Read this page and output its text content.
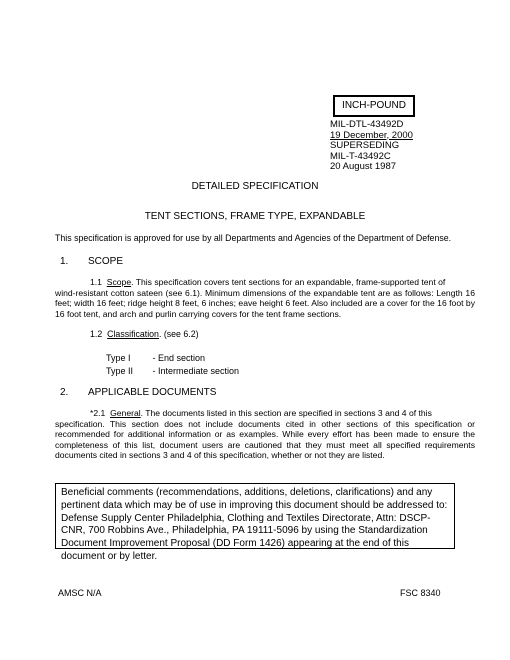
INCH-POUND
MIL-DTL-43492D
19 December, 2000
SUPERSEDING
MIL-T-43492C
20 August 1987
DETAILED SPECIFICATION
TENT SECTIONS, FRAME TYPE, EXPANDABLE
This specification is approved for use by all Departments and Agencies of the Department of Defense.
1. SCOPE
1.1 Scope. This specification covers tent sections for an expandable, frame-supported tent of
wind-resistant cotton sateen (see 6.1). Minimum dimensions of the expandable tent are as follows: Length 16 feet; width 16 feet; ridge height 8 feet, 6 inches; eave height 6 feet. Also included are a cover for the 16 foot by 16 foot tent, and arch and purlin carrying covers for the tent frame sections.
1.2 Classification. (see 6.2)
Type I - End section
Type II - Intermediate section
2. APPLICABLE DOCUMENTS
*2.1 General. The documents listed in this section are specified in sections 3 and 4 of this
specification. This section does not include documents cited in other sections of this specification or recommended for additional information or as examples. While every effort has been made to ensure the completeness of this list, document users are cautioned that they must meet all specified requirements documents cited in sections 3 and 4 of this specification, whether or not they are listed.
Beneficial comments (recommendations, additions, deletions, clarifications) and any pertinent data which may be of use in improving this document should be addressed to: Defense Supply Center Philadelphia, Clothing and Textiles Directorate, Attn: DSCP-CNR, 700 Robbins Ave., Philadelphia, PA 19111-5096 by using the Standardization Document Improvement Proposal (DD Form 1426) appearing at the end of this document or by letter.
AMSC N/A	FSC 8340
